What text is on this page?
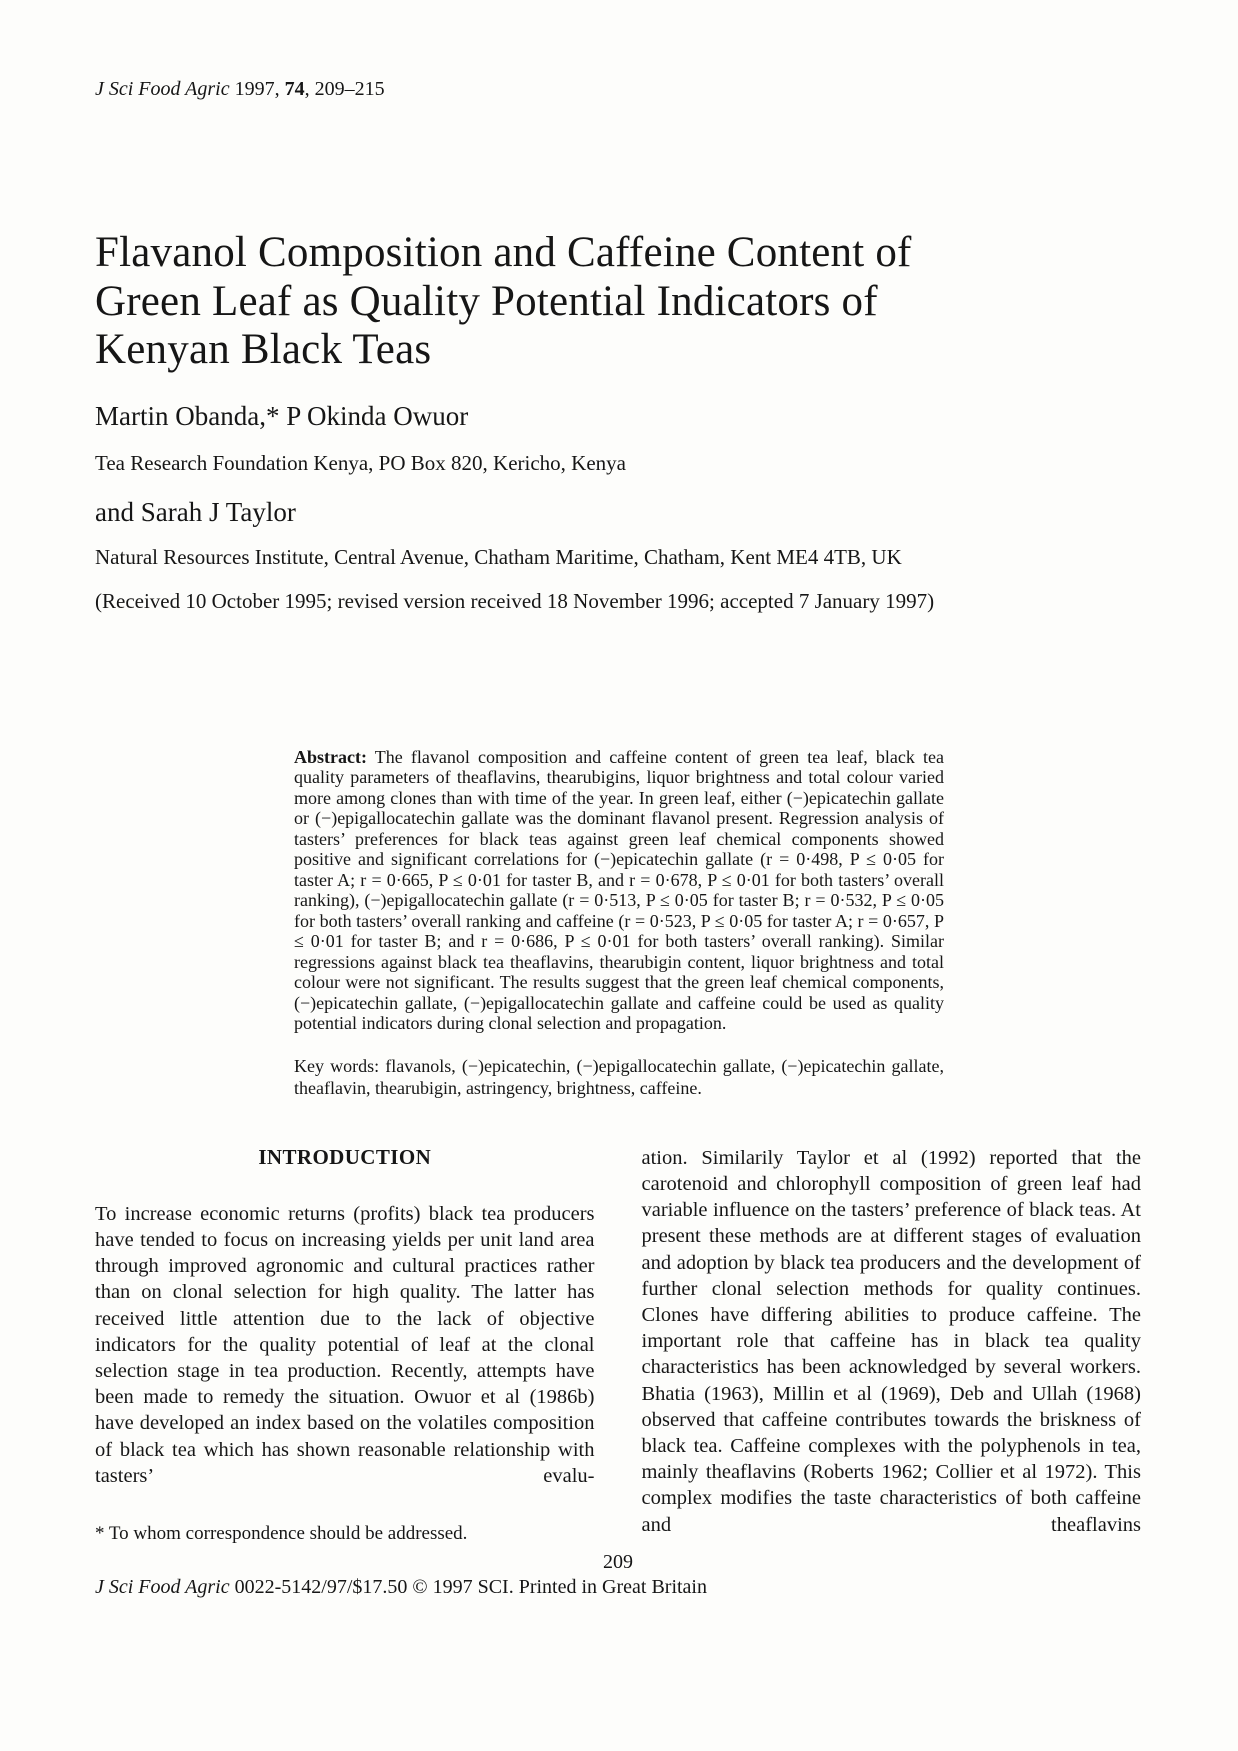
J Sci Food Agric 1997, 74, 209–215
Flavanol Composition and Caffeine Content of
Green Leaf as Quality Potential Indicators of
Kenyan Black Teas
Martin Obanda,* P Okinda Owuor
Tea Research Foundation Kenya, PO Box 820, Kericho, Kenya
and Sarah J Taylor
Natural Resources Institute, Central Avenue, Chatham Maritime, Chatham, Kent ME4 4TB, UK
(Received 10 October 1995; revised version received 18 November 1996; accepted 7 January 1997)
Abstract: The flavanol composition and caffeine content of green tea leaf, black tea quality parameters of theaflavins, thearubigins, liquor brightness and total colour varied more among clones than with time of the year. In green leaf, either (−)epicatechin gallate or (−)epigallocatechin gallate was the dominant flavanol present. Regression analysis of tasters’ preferences for black teas against green leaf chemical components showed positive and significant correlations for (−)epicatechin gallate (r = 0·498, P ≤ 0·05 for taster A; r = 0·665, P ≤ 0·01 for taster B, and r = 0·678, P ≤ 0·01 for both tasters’ overall ranking), (−)epigallocatechin gallate (r = 0·513, P ≤ 0·05 for taster B; r = 0·532, P ≤ 0·05 for both tasters’ overall ranking and caffeine (r = 0·523, P ≤ 0·05 for taster A; r = 0·657, P ≤ 0·01 for taster B; and r = 0·686, P ≤ 0·01 for both tasters’ overall ranking). Similar regressions against black tea theaflavins, thearubigin content, liquor brightness and total colour were not significant. The results suggest that the green leaf chemical components, (−)epicatechin gallate, (−)epigallocatechin gallate and caffeine could be used as quality potential indicators during clonal selection and propagation.
Key words: flavanols, (−)epicatechin, (−)epigallocatechin gallate, (−)epicatechin gallate, theaflavin, thearubigin, astringency, brightness, caffeine.
INTRODUCTION

To increase economic returns (profits) black tea producers have tended to focus on increasing yields per unit land area through improved agronomic and cultural practices rather than on clonal selection for high quality. The latter has received little attention due to the lack of objective indicators for the quality potential of leaf at the clonal selection stage in tea production. Recently, attempts have been made to remedy the situation. Owuor et al (1986b) have developed an index based on the volatiles composition of black tea which has shown reasonable relationship with tasters’ evalu-

* To whom correspondence should be addressed.

ation. Similarily Taylor et al (1992) reported that the carotenoid and chlorophyll composition of green leaf had variable influence on the tasters’ preference of black teas. At present these methods are at different stages of evaluation and adoption by black tea producers and the development of further clonal selection methods for quality continues. Clones have differing abilities to produce caffeine. The important role that caffeine has in black tea quality characteristics has been acknowledged by several workers. Bhatia (1963), Millin et al (1969), Deb and Ullah (1968) observed that caffeine contributes towards the briskness of black tea. Caffeine complexes with the polyphenols in tea, mainly theaflavins (Roberts 1962; Collier et al 1972). This complex modifies the taste characteristics of both caffeine and theaflavins

209
J Sci Food Agric 0022-5142/97/$17.50 © 1997 SCI. Printed in Great Britain
